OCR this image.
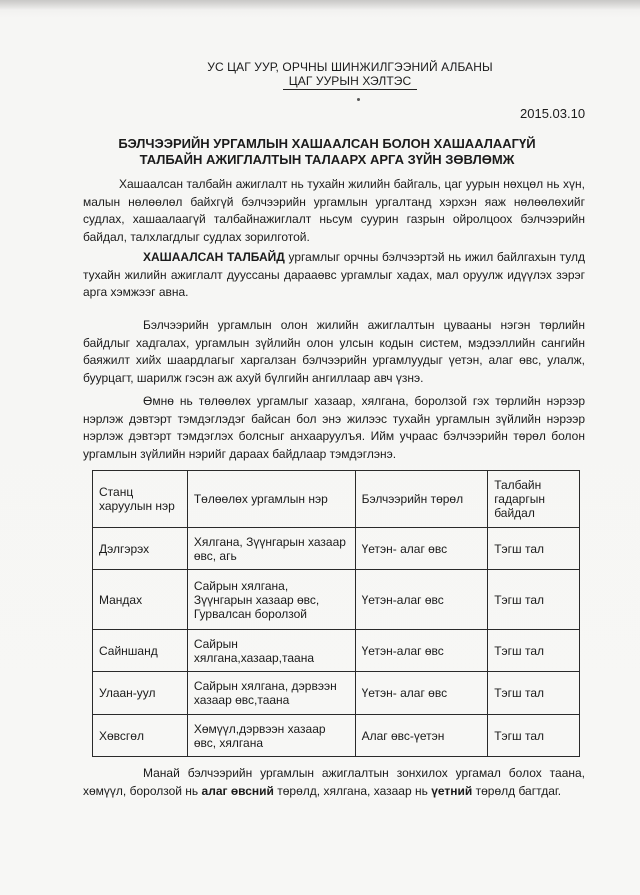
УС ЦАГ УУР, ОРЧНЫ ШИНЖИЛГЭЭНИЙ АЛБАНЫ
ЦАГ УУРЫН ХЭЛТЭС
2015.03.10
БЭЛЧЭЭРИЙН УРГАМЛЫН ХАШААЛСАН БОЛОН ХАШААЛААГҮЙ
ТАЛБАЙН АЖИГЛАЛТЫН ТАЛААРХ АРГА ЗҮЙН ЗӨВЛӨМЖ

Хашаалсан талбайн ажиглалт нь тухайн жилийн байгаль, цаг уурын нөхцөл нь хүн, малын нөлөөлөл байхгүй бэлчээрийн ургамлын ургалтанд хэрхэн яаж нөлөөлөхийг судлах, хашаалаагүй талбайнажиглалт ньсум суурин газрын ойролцоох бэлчээрийн байдал, талхлагдлыг судлах зорилготой.

ХАШААЛСАН ТАЛБАЙД ургамлыг орчны бэлчээртэй нь ижил байлгахын тулд тухайн жилийн ажиглалт дууссаны дарааөвс ургамлыг хадах, мал оруулж идүүлэх зэрэг арга хэмжээг авна.

Бэлчээрийн ургамлын олон жилийн ажиглалтын цувааны нэгэн төрлийн байдлыг хадгалах, ургамлын зүйлийн олон улсын кодын систем, мэдээллийн сангийн баяжилт хийх шаардлагыг харгалзан бэлчээрийн ургамлуудыг үетэн, алаг өвс, улалж, буурцагт, шарилж гэсэн аж ахуй бүлгийн ангиллаар авч үзнэ.

Өмнө нь төлөөлөх ургамлыг хазаар, хялгана, боролзой гэх төрлийн нэрээр нэрлэж дэвтэрт тэмдэглэдэг байсан бол энэ жилээс тухайн ургамлын зүйлийн нэрээр нэрлэж дэвтэрт тэмдэглэх болсныг анхааруулъя. Ийм учраас бэлчээрийн төрөл болон ургамлын зүйлийн нэрийг дараах байдлаар тэмдэглэнэ.

Станц харуулын нэр	Төлөөлөх ургамлын нэр	Бэлчээрийн төрөл	Талбайн гадаргын байдал
Дэлгэрэх	Хялгана, Зүүнгарын хазаар өвс, агь	Үетэн- алаг өвс	Тэгш тал
Мандах	Сайрын хялгана, Зүүнгарын хазаар өвс, Гурвалсан боролзой	Үетэн-алаг өвс	Тэгш тал
Сайншанд	Сайрын хялгана,хазаар,таана	Үетэн-алаг өвс	Тэгш тал
Улаан-уул	Сайрын хялгана, дэрвээн хазаар өвс,таана	Үетэн- алаг өвс	Тэгш тал
Хөвсгөл	Хөмүүл,дэрвээн хазаар өвс, хялгана	Алаг өвс-үетэн	Тэгш тал

Манай бэлчээрийн ургамлын ажиглалтын зонхилох ургамал болох таана, хөмүүл, боролзой нь алаг өвсний төрөлд, хялгана, хазаар нь үетний төрөлд багтдаг.
